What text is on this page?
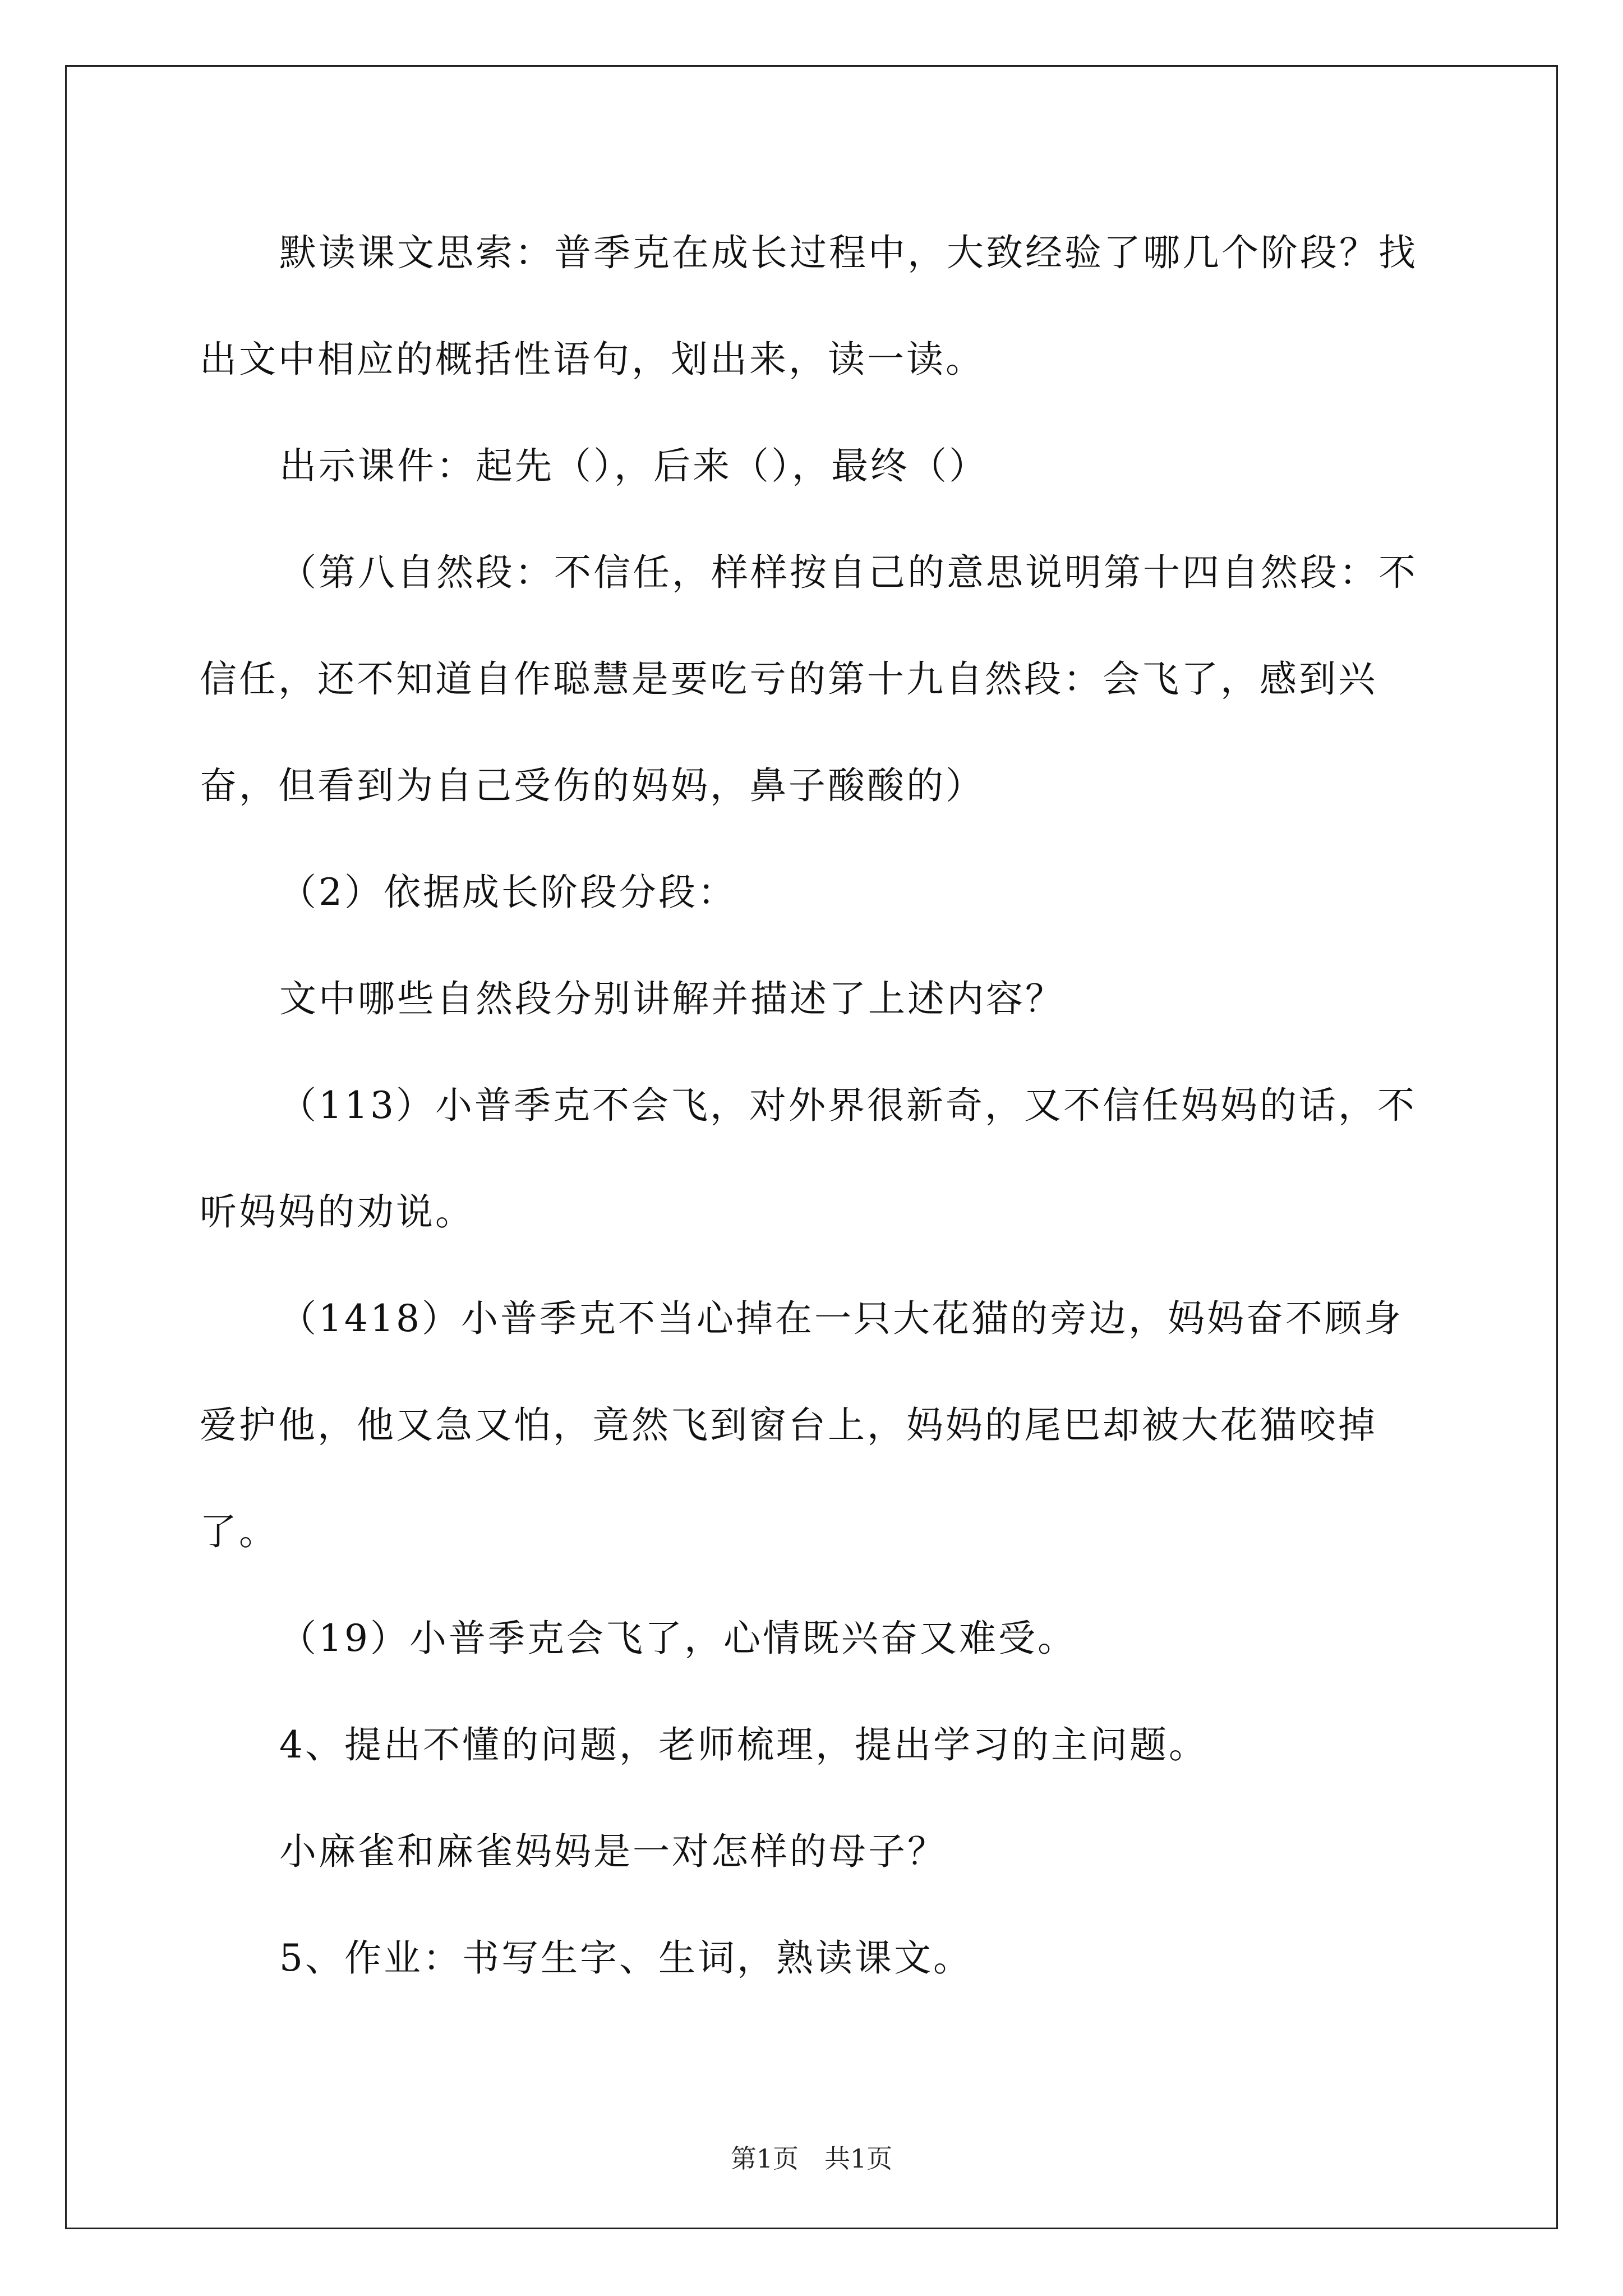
默读课文思索：普季克在成长过程中，大致经验了哪几个阶段？找出文中相应的概括性语句，划出来，读一读。

出示课件：起先（），后来（），最终（）

（第八自然段：不信任，样样按自己的意思说明第十四自然段：不信任，还不知道自作聪慧是要吃亏的第十九自然段：会飞了，感到兴奋，但看到为自己受伤的妈妈，鼻子酸酸的）

（2）依据成长阶段分段：

文中哪些自然段分别讲解并描述了上述内容？

（113）小普季克不会飞，对外界很新奇，又不信任妈妈的话，不听妈妈的劝说。

（1418）小普季克不当心掉在一只大花猫的旁边，妈妈奋不顾身爱护他，他又急又怕，竟然飞到窗台上，妈妈的尾巴却被大花猫咬掉了。

（19）小普季克会飞了，心情既兴奋又难受。

4、提出不懂的问题，老师梳理，提出学习的主问题。

小麻雀和麻雀妈妈是一对怎样的母子？

5、作业：书写生字、生词，熟读课文。

第1页　共1页
